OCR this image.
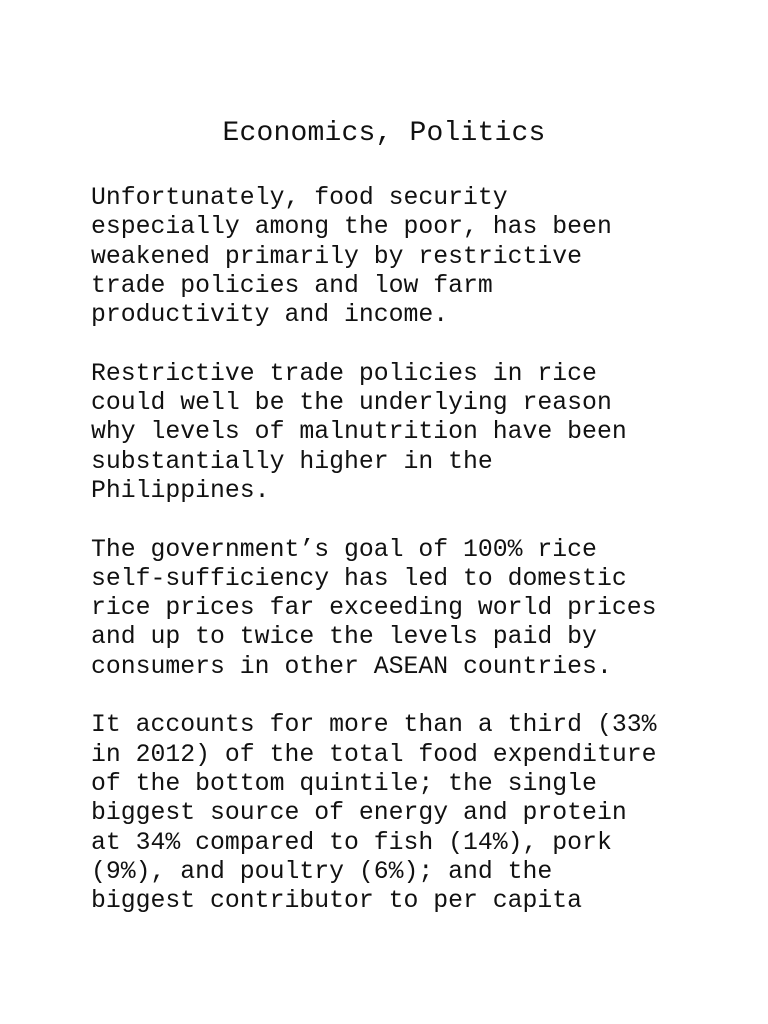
Economics, Politics

Unfortunately, food security
especially among the poor, has been
weakened primarily by restrictive
trade policies and low farm
productivity and income.

Restrictive trade policies in rice
could well be the underlying reason
why levels of malnutrition have been
substantially higher in the
Philippines.

The government’s goal of 100% rice
self-sufficiency has led to domestic
rice prices far exceeding world prices
and up to twice the levels paid by
consumers in other ASEAN countries.

It accounts for more than a third (33%
in 2012) of the total food expenditure
of the bottom quintile; the single
biggest source of energy and protein
at 34% compared to fish (14%), pork
(9%), and poultry (6%); and the
biggest contributor to per capita
